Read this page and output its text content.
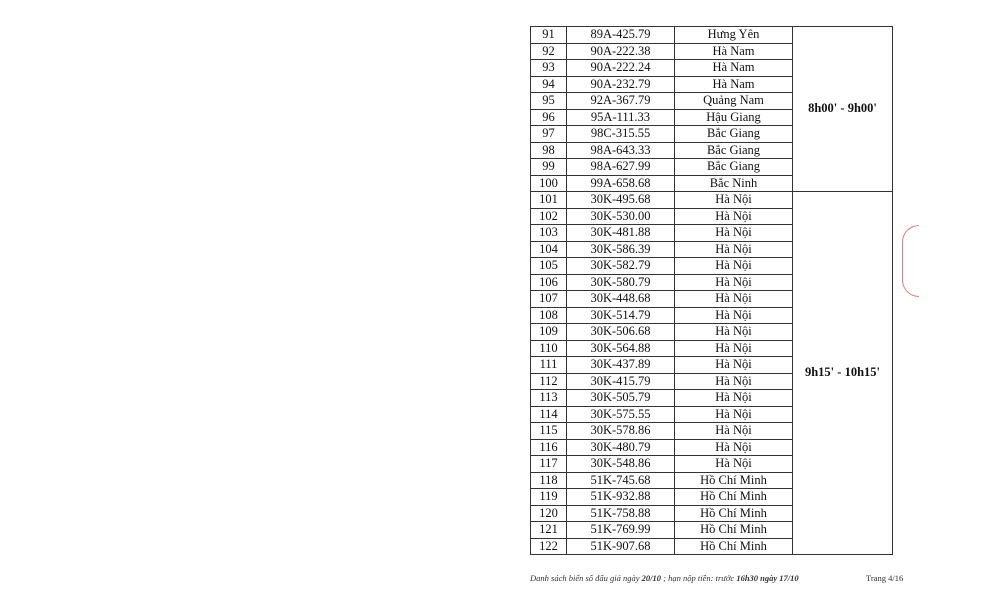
91	89A-425.79	Hưng Yên	8h00' - 9h00'
92	90A-222.38	Hà Nam	
93	90A-222.24	Hà Nam	
94	90A-232.79	Hà Nam	
95	92A-367.79	Quảng Nam	
96	95A-111.33	Hậu Giang	
97	98C-315.55	Bắc Giang	
98	98A-643.33	Bắc Giang	
99	98A-627.99	Bắc Giang	
100	99A-658.68	Bắc Ninh	
101	30K-495.68	Hà Nội	9h15' - 10h15'
102	30K-530.00	Hà Nội	
103	30K-481.88	Hà Nội	
104	30K-586.39	Hà Nội	
105	30K-582.79	Hà Nội	
106	30K-580.79	Hà Nội	
107	30K-448.68	Hà Nội	
108	30K-514.79	Hà Nội	
109	30K-506.68	Hà Nội	
110	30K-564.88	Hà Nội	
111	30K-437.89	Hà Nội	
112	30K-415.79	Hà Nội	
113	30K-505.79	Hà Nội	
114	30K-575.55	Hà Nội	
115	30K-578.86	Hà Nội	
116	30K-480.79	Hà Nội	
117	30K-548.86	Hà Nội	
118	51K-745.68	Hồ Chí Minh	
119	51K-932.88	Hồ Chí Minh	
120	51K-758.88	Hồ Chí Minh	
121	51K-769.99	Hồ Chí Minh	
122	51K-907.68	Hồ Chí Minh	
Danh sách biển số đấu giá ngày 20/10 ; hạn nộp tiền: trước 16h30 ngày 17/10	Trang 4/16
